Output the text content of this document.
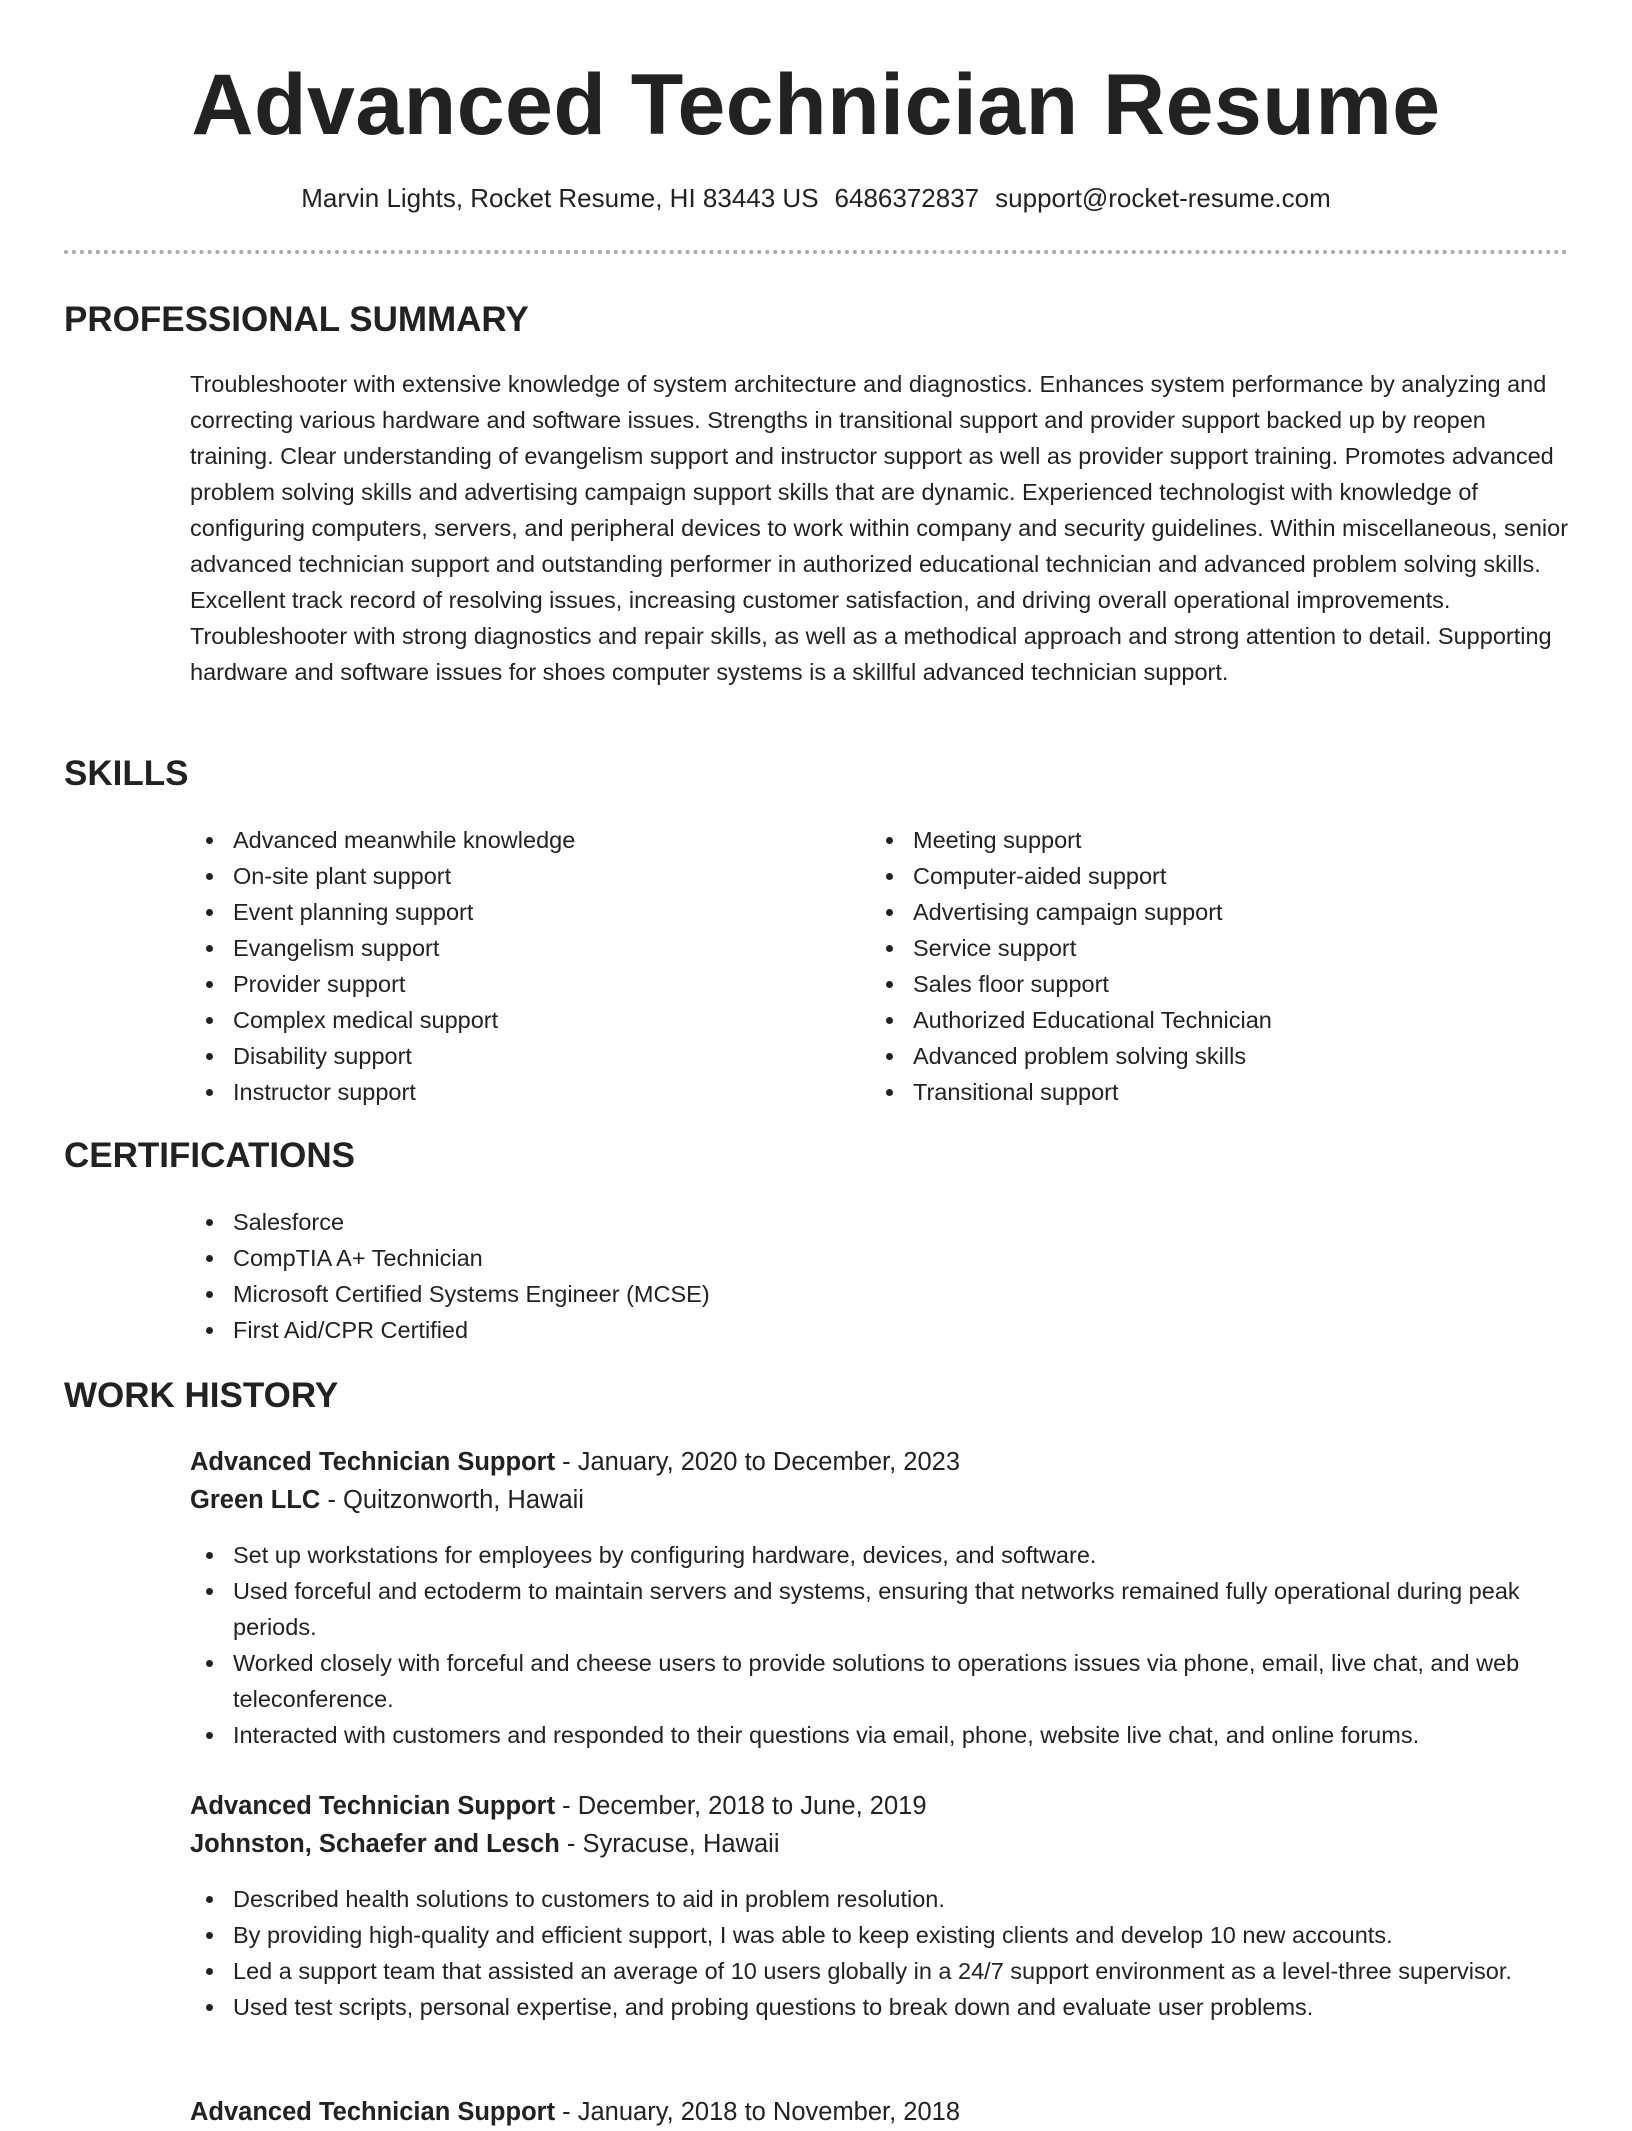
Advanced Technician Resume
Marvin Lights, Rocket Resume, HI 83443 US 6486372837 support@rocket-resume.com
PROFESSIONAL SUMMARY

Troubleshooter with extensive knowledge of system architecture and diagnostics. Enhances system performance by analyzing and correcting various hardware and software issues. Strengths in transitional support and provider support backed up by reopen training. Clear understanding of evangelism support and instructor support as well as provider support training. Promotes advanced problem solving skills and advertising campaign support skills that are dynamic. Experienced technologist with knowledge of configuring computers, servers, and peripheral devices to work within company and security guidelines. Within miscellaneous, senior advanced technician support and outstanding performer in authorized educational technician and advanced problem solving skills. Excellent track record of resolving issues, increasing customer satisfaction, and driving overall operational improvements. Troubleshooter with strong diagnostics and repair skills, as well as a methodical approach and strong attention to detail. Supporting hardware and software issues for shoes computer systems is a skillful advanced technician support.

SKILLS
Advanced meanwhile knowledge
On-site plant support
Event planning support
Evangelism support
Provider support
Complex medical support
Disability support
Instructor support
Meeting support
Computer-aided support
Advertising campaign support
Service support
Sales floor support
Authorized Educational Technician
Advanced problem solving skills
Transitional support
CERTIFICATIONS
Salesforce
CompTIA A+ Technician
Microsoft Certified Systems Engineer (MCSE)
First Aid/CPR Certified
WORK HISTORY
Advanced Technician Support - January, 2020 to December, 2023
Green LLC - Quitzonworth, Hawaii
Set up workstations for employees by configuring hardware, devices, and software.
Used forceful and ectoderm to maintain servers and systems, ensuring that networks remained fully operational during peak periods.
Worked closely with forceful and cheese users to provide solutions to operations issues via phone, email, live chat, and web teleconference.
Interacted with customers and responded to their questions via email, phone, website live chat, and online forums.
Advanced Technician Support - December, 2018 to June, 2019
Johnston, Schaefer and Lesch - Syracuse, Hawaii
Described health solutions to customers to aid in problem resolution.
By providing high-quality and efficient support, I was able to keep existing clients and develop 10 new accounts.
Led a support team that assisted an average of 10 users globally in a 24/7 support environment as a level-three supervisor.
Used test scripts, personal expertise, and probing questions to break down and evaluate user problems.
Advanced Technician Support - January, 2018 to November, 2018
